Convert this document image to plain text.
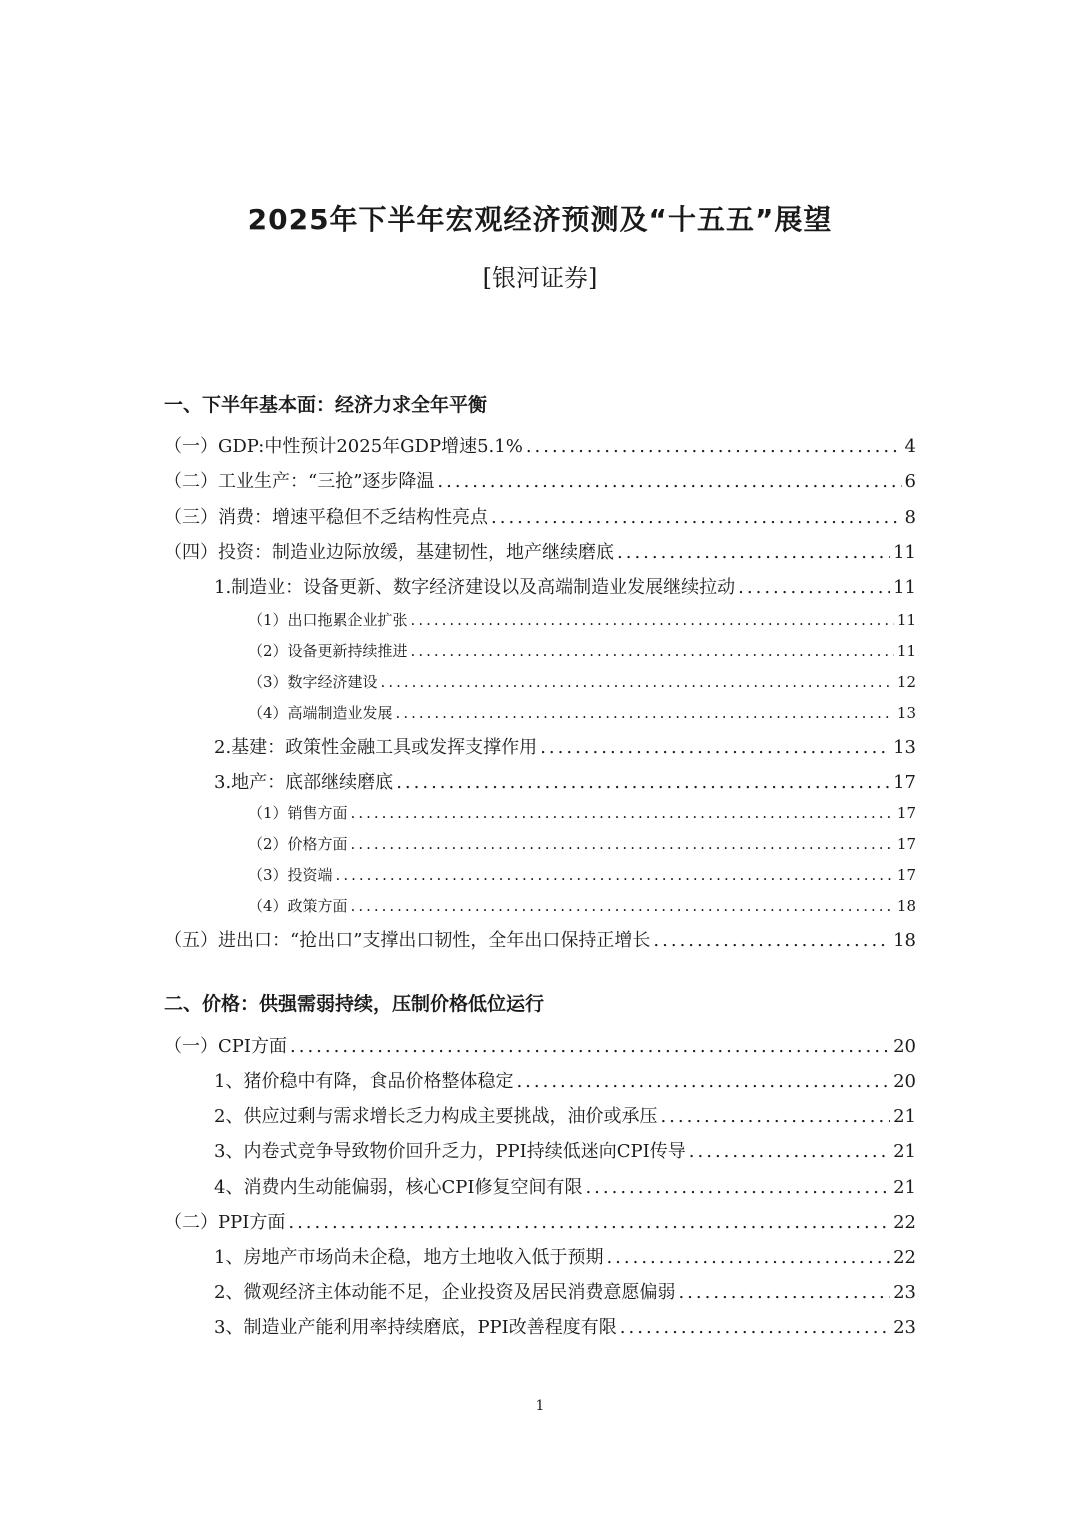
2025年下半年宏观经济预测及“十五五”展望
[银河证券]
一、下半年基本面：经济力求全年平衡
（一）GDP:中性预计2025年GDP增速5.1% .....	4
（二）工业生产：“三抢”逐步降温 .....	6
（三）消费：增速平稳但不乏结构性亮点 .....	8
（四）投资：制造业边际放缓，基建韧性，地产继续磨底 .....	11
1.制造业：设备更新、数字经济建设以及高端制造业发展继续拉动 .....	11
（1）出口拖累企业扩张 .....	11
（2）设备更新持续推进 .....	11
（3）数字经济建设 .....	12
（4）高端制造业发展 .....	13
2.基建：政策性金融工具或发挥支撑作用 .....	13
3.地产：底部继续磨底 .....	17
（1）销售方面 .....	17
（2）价格方面 .....	17
（3）投资端 .....	17
（4）政策方面 .....	18
（五）进出口：“抢出口”支撑出口韧性，全年出口保持正增长 .....	18
二、价格：供强需弱持续，压制价格低位运行
（一）CPI方面 .....	20
1、猪价稳中有降，食品价格整体稳定 .....	20
2、供应过剩与需求增长乏力构成主要挑战，油价或承压 .....	21
3、内卷式竞争导致物价回升乏力，PPI持续低迷向CPI传导 .....	21
4、消费内生动能偏弱，核心CPI修复空间有限 .....	21
（二）PPI方面 .....	22
1、房地产市场尚未企稳，地方土地收入低于预期 .....	22
2、微观经济主体动能不足，企业投资及居民消费意愿偏弱 .....	23
3、制造业产能利用率持续磨底，PPI改善程度有限 .....	23
1
